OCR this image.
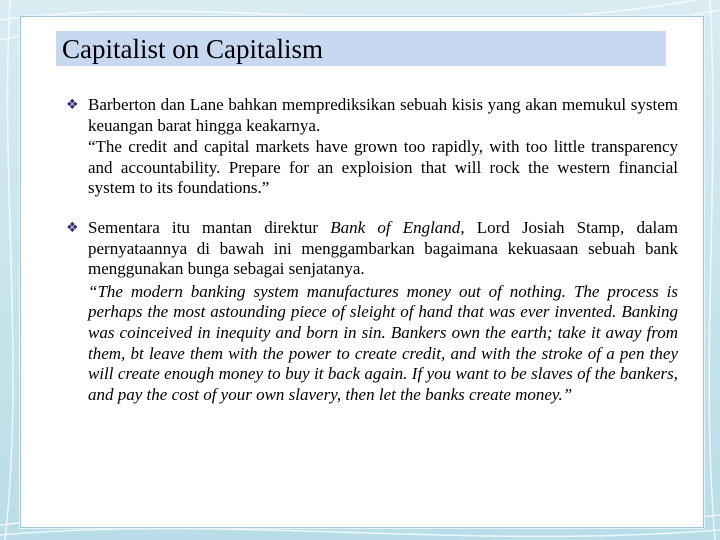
Capitalist on Capitalism
❖ Barberton dan Lane bahkan memprediksikan sebuah kisis yang akan memukul system keuangan barat hingga keakarnya.

“The credit and capital markets have grown too rapidly, with too little transparency and accountability. Prepare for an exploision that will rock the western financial system to its foundations.”

❖ Sementara itu mantan direktur Bank of England, Lord Josiah Stamp, dalam pernyataannya di bawah ini menggambarkan bagaimana kekuasaan sebuah bank menggunakan bunga sebagai senjatanya.

“The modern banking system manufactures money out of nothing. The process is perhaps the most astounding piece of sleight of hand that was ever invented. Banking was coinceived in inequity and born in sin. Bankers own the earth; take it away from them, bt leave them with the power to create credit, and with the stroke of a pen they will create enough money to buy it back again. If you want to be slaves of the bankers, and pay the cost of your own slavery, then let the banks create money.”
